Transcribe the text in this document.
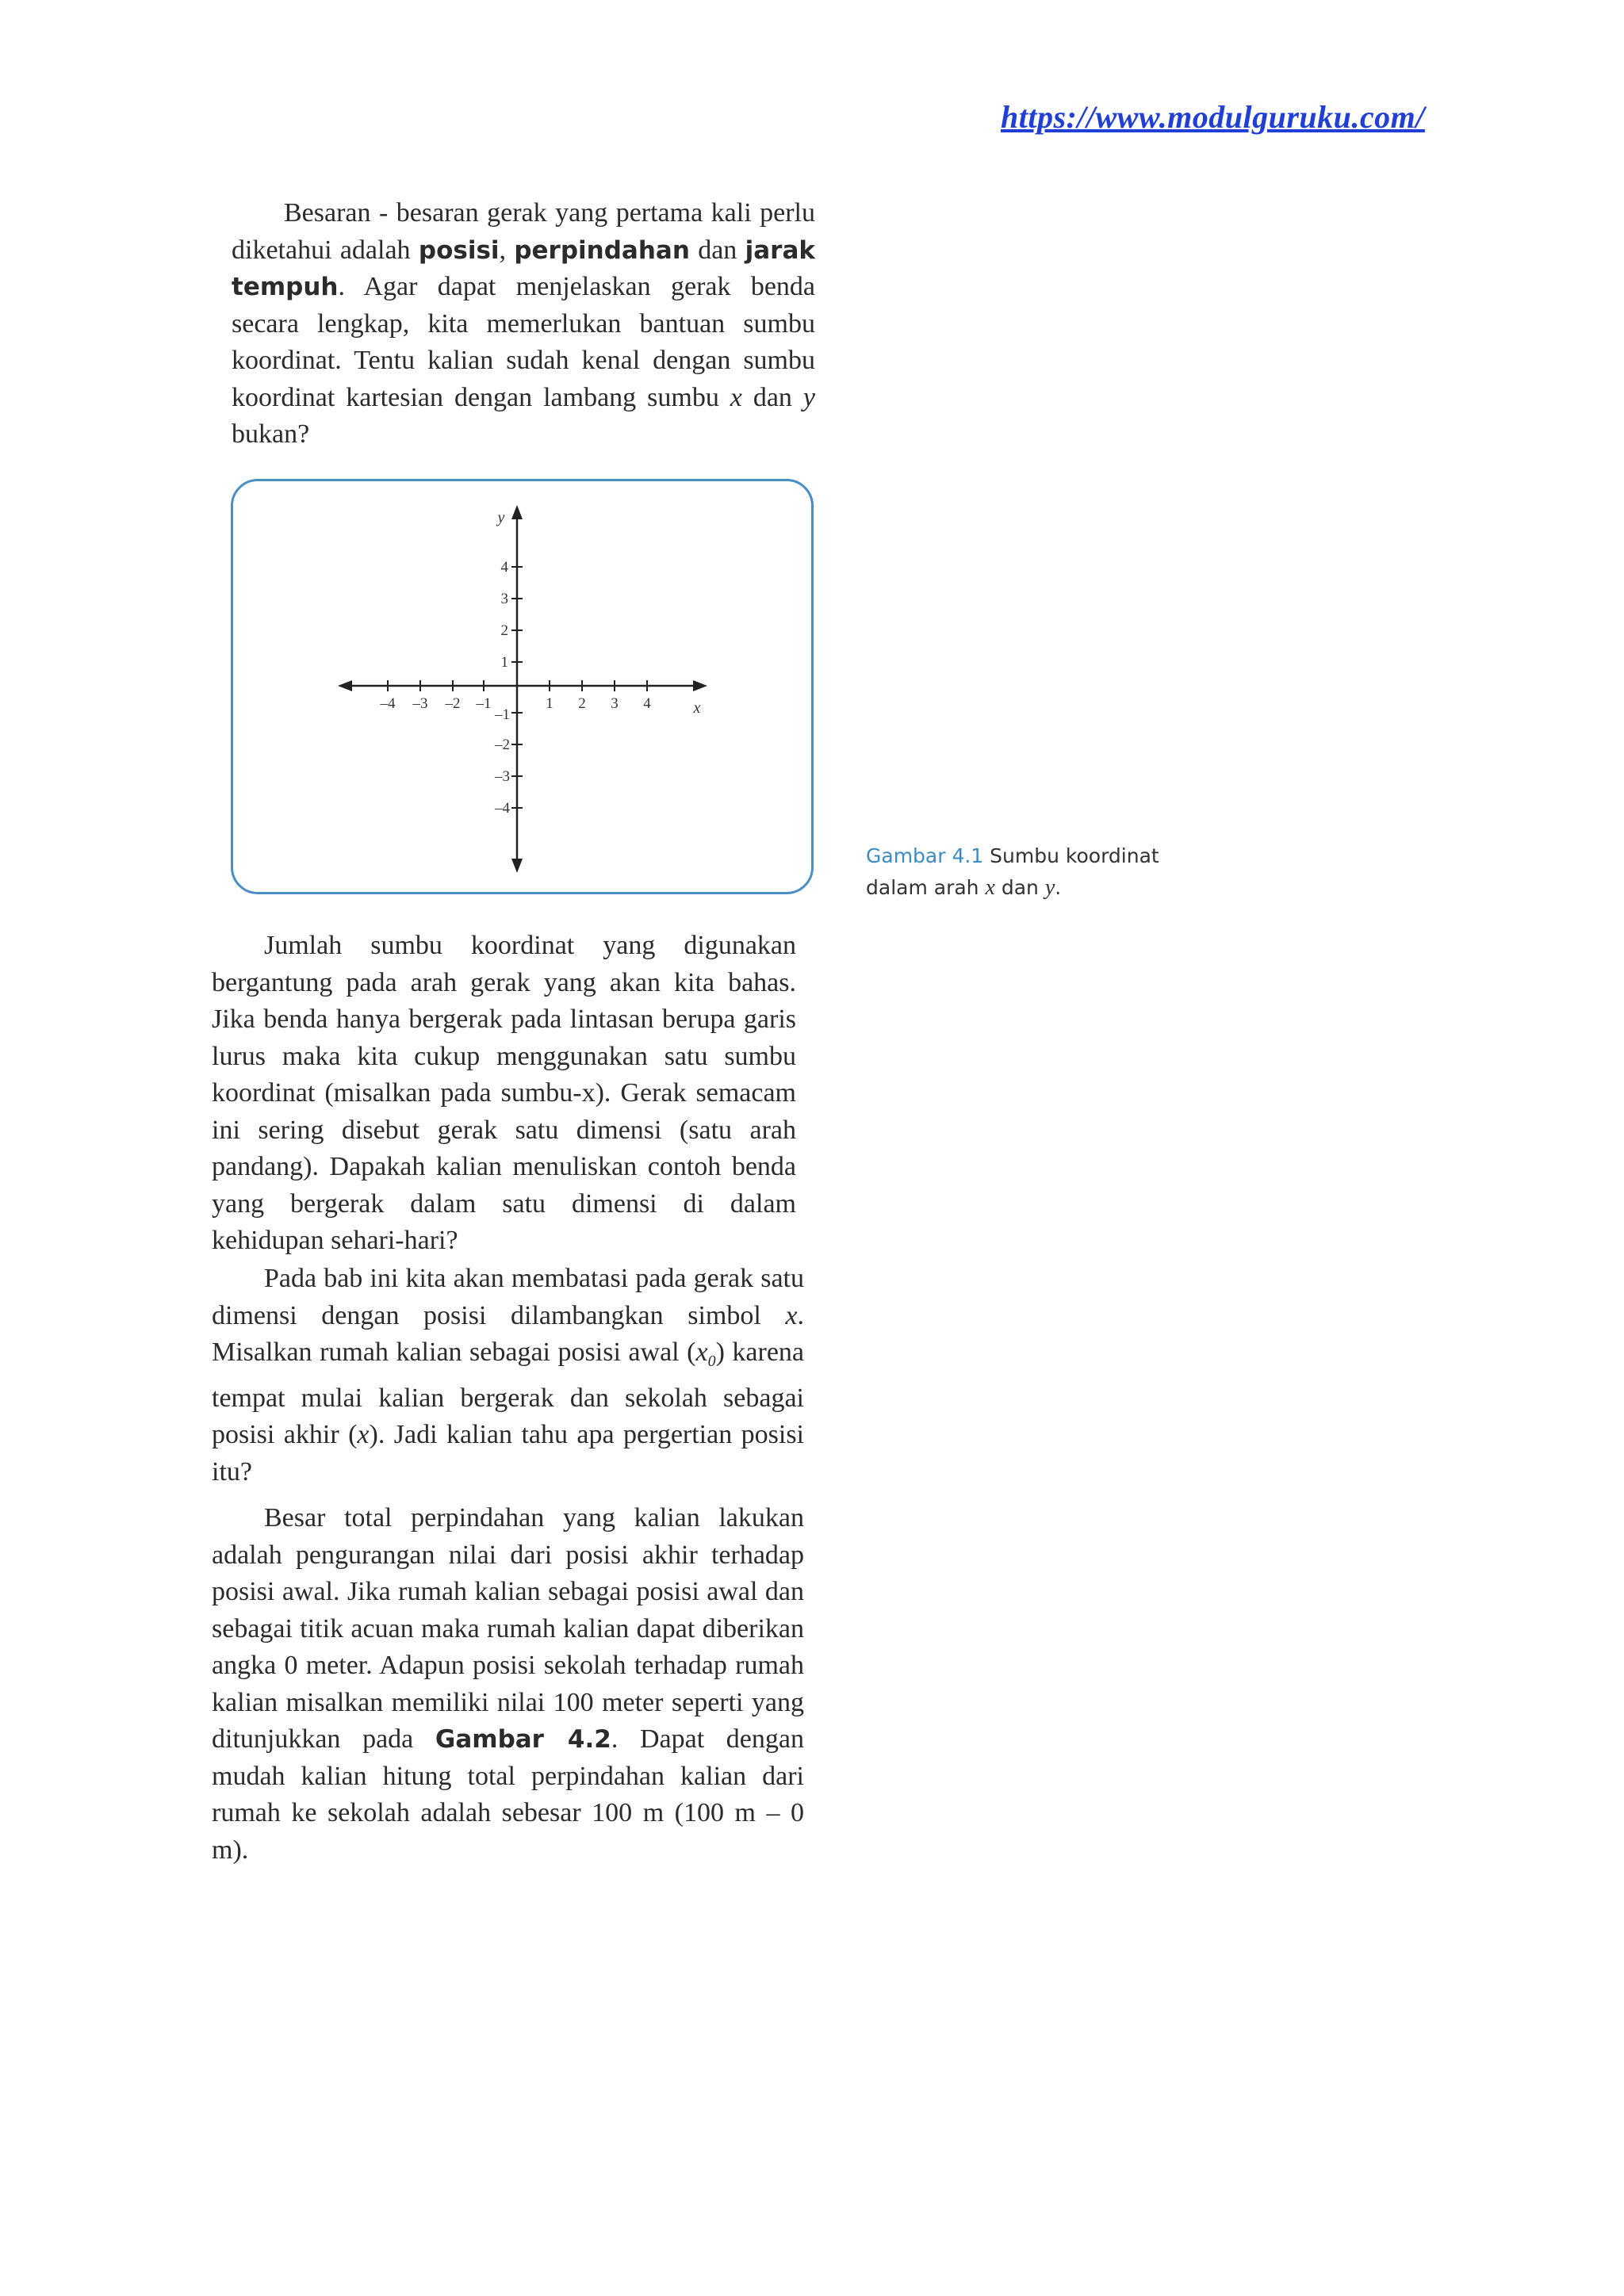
https://www.modulguruku.com/

Besaran - besaran gerak yang pertama kali perlu diketahui adalah posisi, perpindahan dan jarak tempuh. Agar dapat menjelaskan gerak benda secara lengkap, kita memerlukan bantuan sumbu koordinat. Tentu kalian sudah kenal dengan sumbu koordinat kartesian dengan lambang sumbu x dan y bukan?

–4 –3 –2 –1	1 2 3 4	x
4
3
2
1
–1
–2
–3
–4
y
Gambar 4.1 Sumbu koordinat dalam arah x dan y.

Jumlah sumbu koordinat yang digunakan bergantung pada arah gerak yang akan kita bahas. Jika benda hanya bergerak pada lintasan berupa garis lurus maka kita cukup menggunakan satu sumbu koordinat (misalkan pada sumbu-x). Gerak semacam ini sering disebut gerak satu dimensi (satu arah pandang). Dapakah kalian menuliskan contoh benda yang bergerak dalam satu dimensi di dalam kehidupan sehari-hari?

Pada bab ini kita akan membatasi pada gerak satu dimensi dengan posisi dilambangkan simbol x. Misalkan rumah kalian sebagai posisi awal $(x_0)$ karena tempat mulai kalian bergerak dan sekolah sebagai posisi akhir (x). Jadi kalian tahu apa pergertian posisi itu?

Besar total perpindahan yang kalian lakukan adalah pengurangan nilai dari posisi akhir terhadap posisi awal. Jika rumah kalian sebagai posisi awal dan sebagai titik acuan maka rumah kalian dapat diberikan angka 0 meter. Adapun posisi sekolah terhadap rumah kalian misalkan memiliki nilai 100 meter seperti yang ditunjukkan pada Gambar 4.2. Dapat dengan mudah kalian hitung total perpindahan kalian dari rumah ke sekolah adalah sebesar 100 m (100 m – 0 m).
